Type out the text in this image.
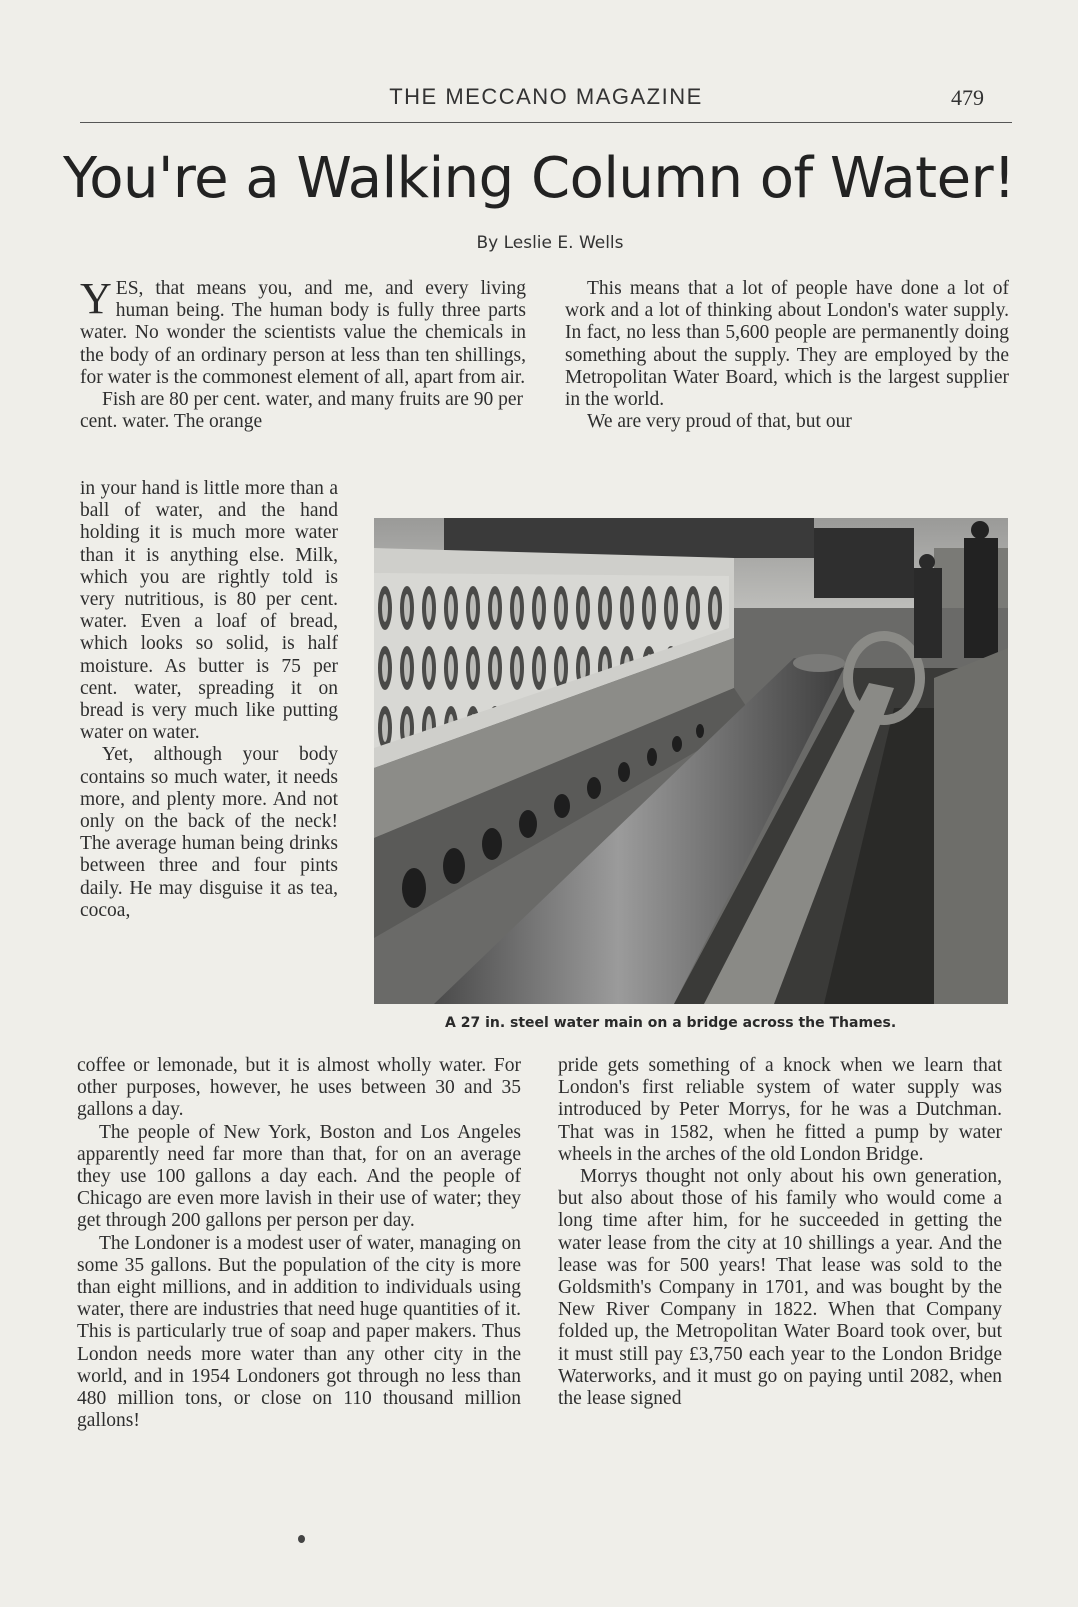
THE MECCANO MAGAZINE	479
You're a Walking Column of Water!
By Leslie E. Wells

YES, that means you, and me, and every living human being. The human body is fully three parts water. No wonder the scientists value the chemicals in the body of an ordinary person at less than ten shillings, for water is the commonest element of all, apart from air.

Fish are 80 per cent. water, and many fruits are 90 per cent. water. The orange

in your hand is little more than a ball of water, and the hand holding it is much more water than it is anything else. Milk, which you are rightly told is very nutritious, is 80 per cent. water. Even a loaf of bread, which looks so solid, is half moisture. As butter is 75 per cent. water, spreading it on bread is very much like putting water on water.

Yet, although your body contains so much water, it needs more, and plenty more. And not only on the back of the neck! The average human being drinks between three and four pints daily. He may disguise it as tea, cocoa,

coffee or lemonade, but it is almost wholly water. For other purposes, however, he uses between 30 and 35 gallons a day.

The people of New York, Boston and Los Angeles apparently need far more than that, for on an average they use 100 gallons a day each. And the people of Chicago are even more lavish in their use of water; they get through 200 gallons per person per day.

The Londoner is a modest user of water, managing on some 35 gallons. But the population of the city is more than eight millions, and in addition to individuals using water, there are industries that need huge quantities of it. This is particularly true of soap and paper makers. Thus London needs more water than any other city in the world, and in 1954 Londoners got through no less than 480 million tons, or close on 110 thousand million gallons!

This means that a lot of people have done a lot of work and a lot of thinking about London's water supply. In fact, no less than 5,600 people are permanently doing something about the supply. They are employed by the Metropolitan Water Board, which is the largest supplier in the world.

We are very proud of that, but our

A 27 in. steel water main on a bridge across the Thames.

pride gets something of a knock when we learn that London's first reliable system of water supply was introduced by Peter Morrys, for he was a Dutchman. That was in 1582, when he fitted a pump by water wheels in the arches of the old London Bridge.

Morrys thought not only about his own generation, but also about those of his family who would come a long time after him, for he succeeded in getting the water lease from the city at 10 shillings a year. And the lease was for 500 years! That lease was sold to the Goldsmith's Company in 1701, and was bought by the New River Company in 1822. When that Company folded up, the Metropolitan Water Board took over, but it must still pay £3,750 each year to the London Bridge Waterworks, and it must go on paying until 2082, when the lease signed
